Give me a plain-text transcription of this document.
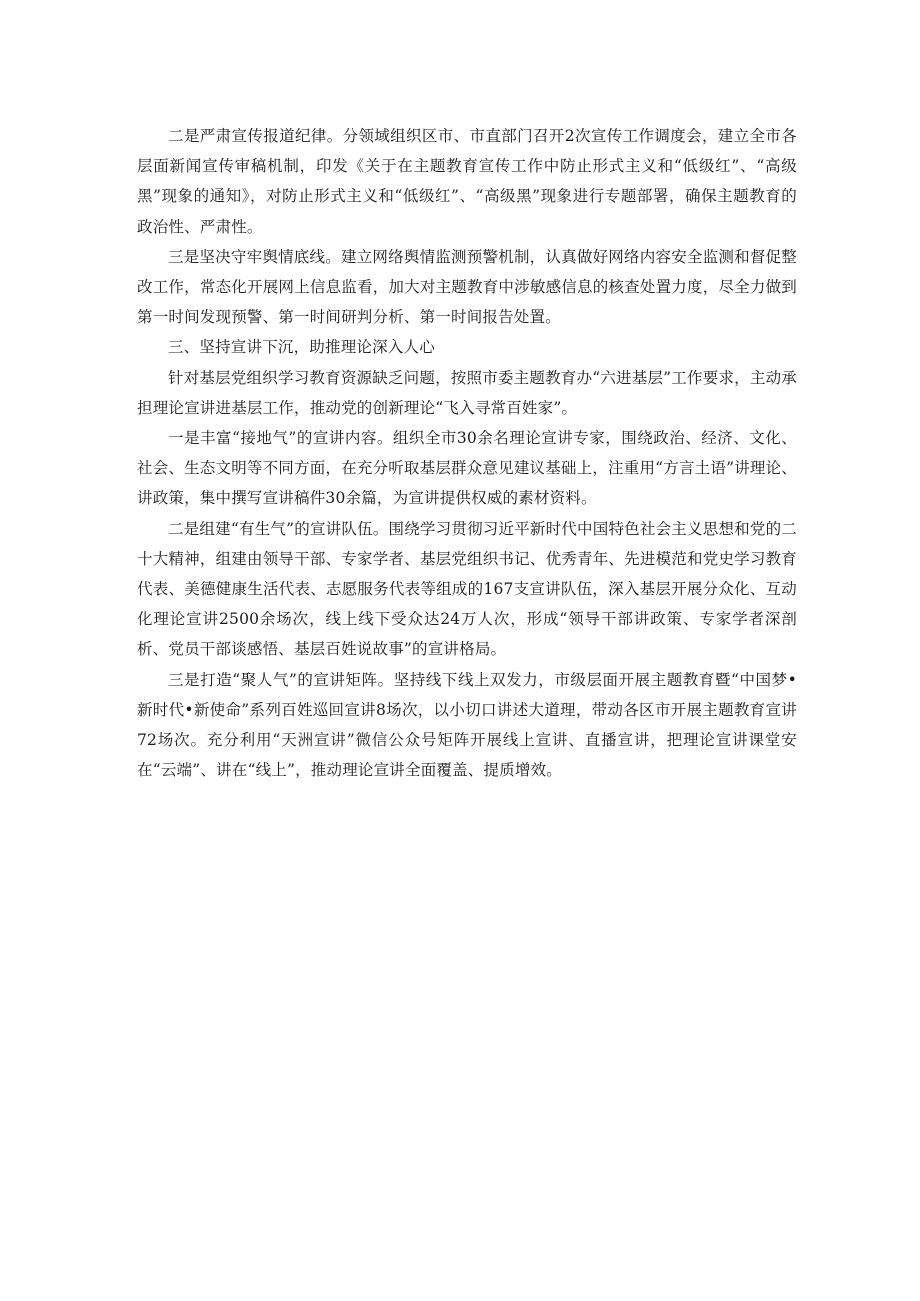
二是严肃宣传报道纪律。分领域组织区市、市直部门召开2次宣传工作调度会，建立全市各层面新闻宣传审稿机制，印发《关于在主题教育宣传工作中防止形式主义和“低级红”、“高级黑”现象的通知》，对防止形式主义和“低级红”、“高级黑”现象进行专题部署，确保主题教育的政治性、严肃性。

三是坚决守牢舆情底线。建立网络舆情监测预警机制，认真做好网络内容安全监测和督促整改工作，常态化开展网上信息监看，加大对主题教育中涉敏感信息的核查处置力度，尽全力做到第一时间发现预警、第一时间研判分析、第一时间报告处置。

三、坚持宣讲下沉，助推理论深入人心

针对基层党组织学习教育资源缺乏问题，按照市委主题教育办“六进基层”工作要求，主动承担理论宣讲进基层工作，推动党的创新理论“飞入寻常百姓家”。

一是丰富“接地气”的宣讲内容。组织全市30余名理论宣讲专家，围绕政治、经济、文化、社会、生态文明等不同方面，在充分听取基层群众意见建议基础上，注重用“方言土语”讲理论、讲政策，集中撰写宣讲稿件30余篇，为宣讲提供权威的素材资料。

二是组建“有生气”的宣讲队伍。围绕学习贯彻习近平新时代中国特色社会主义思想和党的二十大精神，组建由领导干部、专家学者、基层党组织书记、优秀青年、先进模范和党史学习教育代表、美德健康生活代表、志愿服务代表等组成的167支宣讲队伍，深入基层开展分众化、互动化理论宣讲2500余场次，线上线下受众达24万人次，形成“领导干部讲政策、专家学者深剖析、党员干部谈感悟、基层百姓说故事”的宣讲格局。

三是打造“聚人气”的宣讲矩阵。坚持线下线上双发力，市级层面开展主题教育暨“中国梦•新时代•新使命”系列百姓巡回宣讲8场次，以小切口讲述大道理，带动各区市开展主题教育宣讲72场次。充分利用“天洲宣讲”微信公众号矩阵开展线上宣讲、直播宣讲，把理论宣讲课堂安在“云端”、讲在“线上”，推动理论宣讲全面覆盖、提质增效。
